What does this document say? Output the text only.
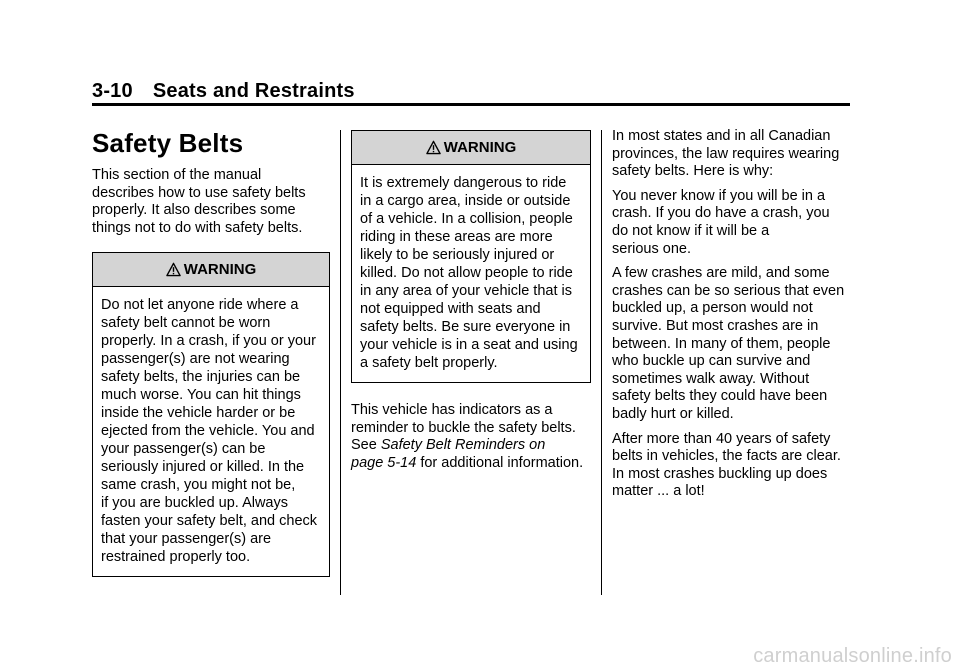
3-10 Seats and Restraints
Safety Belts

This section of the manual
describes how to use safety belts
properly. It also describes some
things not to do with safety belts.

WARNING
Do not let anyone ride where a
safety belt cannot be worn
properly. In a crash, if you or your
passenger(s) are not wearing
safety belts, the injuries can be
much worse. You can hit things
inside the vehicle harder or be
ejected from the vehicle. You and
your passenger(s) can be
seriously injured or killed. In the
same crash, you might not be,
if you are buckled up. Always
fasten your safety belt, and check
that your passenger(s) are
restrained properly too.
WARNING
It is extremely dangerous to ride
in a cargo area, inside or outside
of a vehicle. In a collision, people
riding in these areas are more
likely to be seriously injured or
killed. Do not allow people to ride
in any area of your vehicle that is
not equipped with seats and
safety belts. Be sure everyone in
your vehicle is in a seat and using
a safety belt properly.

This vehicle has indicators as a
reminder to buckle the safety belts.
See Safety Belt Reminders on
page 5-14 for additional information.

In most states and in all Canadian
provinces, the law requires wearing
safety belts. Here is why:

You never know if you will be in a
crash. If you do have a crash, you
do not know if it will be a
serious one.

A few crashes are mild, and some
crashes can be so serious that even
buckled up, a person would not
survive. But most crashes are in
between. In many of them, people
who buckle up can survive and
sometimes walk away. Without
safety belts they could have been
badly hurt or killed.

After more than 40 years of safety
belts in vehicles, the facts are clear.
In most crashes buckling up does
matter ... a lot!

carmanualsonline.info
